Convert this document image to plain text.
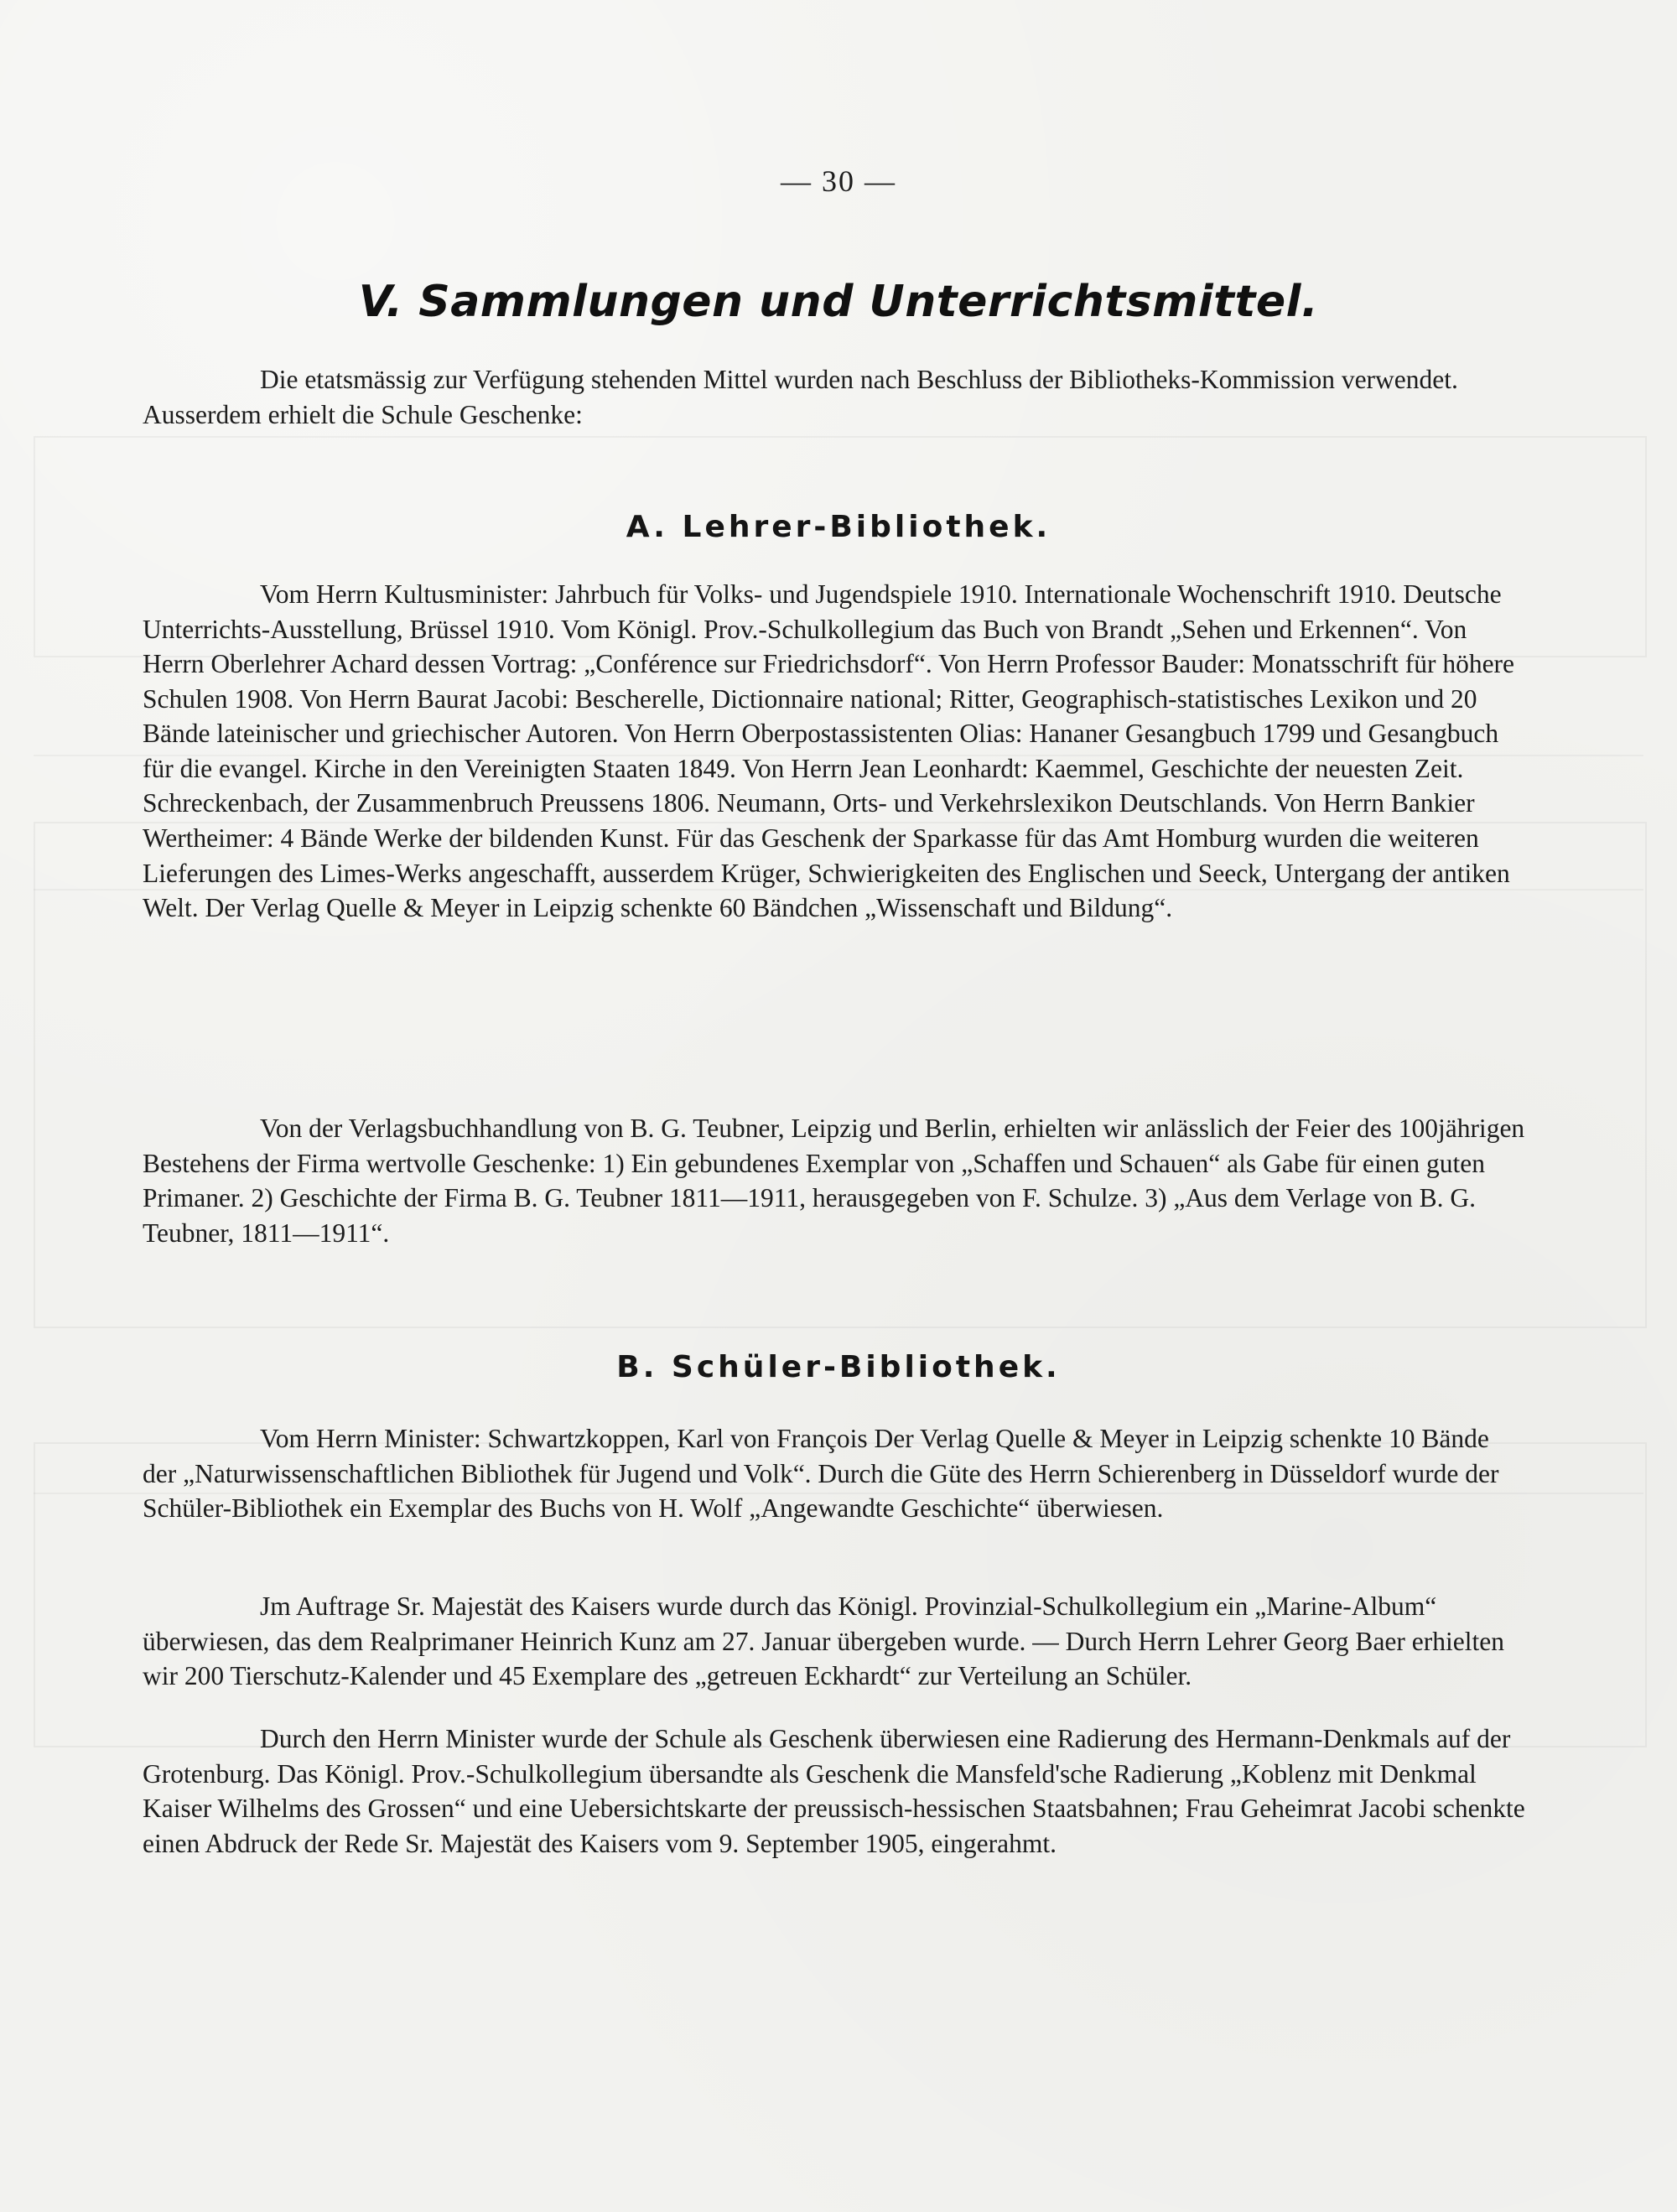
— 30 —
V. Sammlungen und Unterrichtsmittel.

Die etatsmässig zur Verfügung stehenden Mittel wurden nach Beschluss der Bibliotheks-Kommission verwendet. Ausserdem erhielt die Schule Geschenke:

A. Lehrer-Bibliothek.

Vom Herrn Kultusminister: Jahrbuch für Volks- und Jugendspiele 1910. Internationale Wochenschrift 1910. Deutsche Unterrichts-Ausstellung, Brüssel 1910. Vom Königl. Prov.-Schulkollegium das Buch von Brandt „Sehen und Erkennen“. Von Herrn Oberlehrer Achard dessen Vortrag: „Conférence sur Friedrichsdorf“. Von Herrn Professor Bauder: Monatsschrift für höhere Schulen 1908. Von Herrn Baurat Jacobi: Bescherelle, Dictionnaire national; Ritter, Geographisch-statistisches Lexikon und 20 Bände lateinischer und griechischer Autoren. Von Herrn Oberpostassistenten Olias: Hananer Gesangbuch 1799 und Gesangbuch für die evangel. Kirche in den Vereinigten Staaten 1849. Von Herrn Jean Leonhardt: Kaemmel, Geschichte der neuesten Zeit. Schreckenbach, der Zusammenbruch Preussens 1806. Neumann, Orts- und Verkehrslexikon Deutschlands. Von Herrn Bankier Wertheimer: 4 Bände Werke der bildenden Kunst. Für das Geschenk der Sparkasse für das Amt Homburg wurden die weiteren Lieferungen des Limes-Werks angeschafft, ausserdem Krüger, Schwierigkeiten des Englischen und Seeck, Untergang der antiken Welt. Der Verlag Quelle & Meyer in Leipzig schenkte 60 Bändchen „Wissenschaft und Bildung“.

Von der Verlagsbuchhandlung von B. G. Teubner, Leipzig und Berlin, erhielten wir anlässlich der Feier des 100jährigen Bestehens der Firma wertvolle Geschenke: 1) Ein gebundenes Exemplar von „Schaffen und Schauen“ als Gabe für einen guten Primaner. 2) Geschichte der Firma B. G. Teubner 1811—1911, herausgegeben von F. Schulze. 3) „Aus dem Verlage von B. G. Teubner, 1811—1911“.

B. Schüler-Bibliothek.

Vom Herrn Minister: Schwartzkoppen, Karl von François Der Verlag Quelle & Meyer in Leipzig schenkte 10 Bände der „Naturwissenschaftlichen Bibliothek für Jugend und Volk“. Durch die Güte des Herrn Schierenberg in Düsseldorf wurde der Schüler-Bibliothek ein Exemplar des Buchs von H. Wolf „Angewandte Geschichte“ überwiesen.

Jm Auftrage Sr. Majestät des Kaisers wurde durch das Königl. Provinzial-Schulkollegium ein „Marine-Album“ überwiesen, das dem Realprimaner Heinrich Kunz am 27. Januar übergeben wurde. — Durch Herrn Lehrer Georg Baer erhielten wir 200 Tierschutz-Kalender und 45 Exemplare des „getreuen Eckhardt“ zur Verteilung an Schüler.

Durch den Herrn Minister wurde der Schule als Geschenk überwiesen eine Radierung des Hermann-Denkmals auf der Grotenburg. Das Königl. Prov.-Schulkollegium übersandte als Geschenk die Mansfeld'sche Radierung „Koblenz mit Denkmal Kaiser Wilhelms des Grossen“ und eine Uebersichtskarte der preussisch-hessischen Staatsbahnen; Frau Geheimrat Jacobi schenkte einen Abdruck der Rede Sr. Majestät des Kaisers vom 9. September 1905, eingerahmt.
